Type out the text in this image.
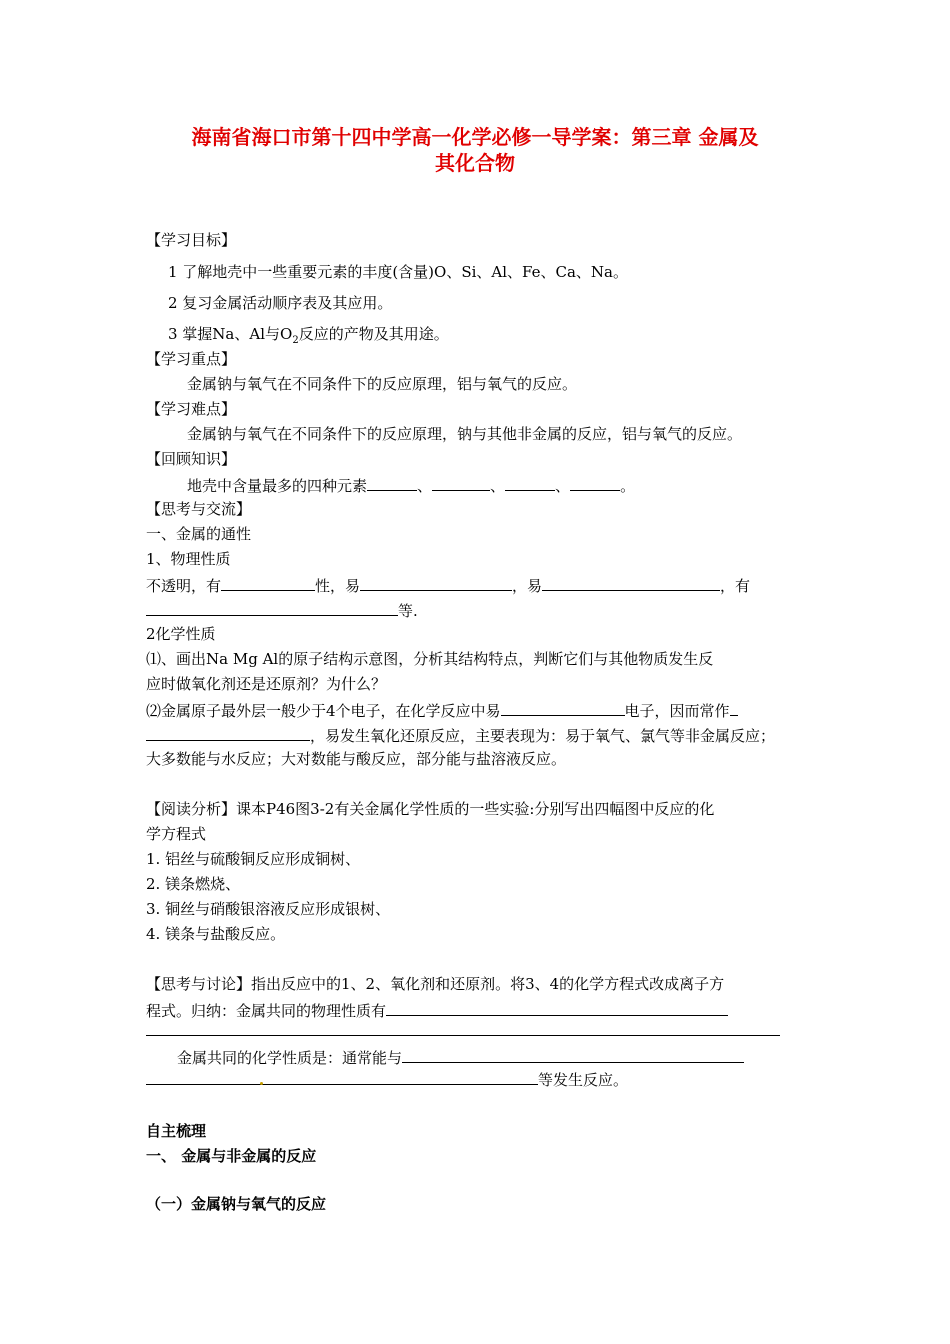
海南省海口市第十四中学高一化学必修一导学案：第三章 金属及
其化合物
【学习目标】
1 了解地壳中一些重要元素的丰度(含量)O、Si、Al、Fe、Ca、Na。
2 复习金属活动顺序表及其应用。
3 掌握Na、Al与$O_2$反应的产物及其用途。
【学习重点】
金属钠与氧气在不同条件下的反应原理，铝与氧气的反应。
【学习难点】
金属钠与氧气在不同条件下的反应原理，钠与其他非金属的反应，铝与氧气的反应。
【回顾知识】
地壳中含量最多的四种元素	、	、	、	。
【思考与交流】
一、金属的通性
1、物理性质
不透明，有	性，易	，易	，有
等.
2化学性质
⑴、画出Na Mg Al的原子结构示意图，分析其结构特点，判断它们与其他物质发生反
应时做氧化剂还是还原剂？为什么？
⑵金属原子最外层一般少于4个电子，在化学反应中易	电子，因而常作
，易发生氧化还原反应，主要表现为：易于氧气、氯气等非金属反应；
大多数能与水反应；大对数能与酸反应，部分能与盐溶液反应。
【阅读分析】课本P46图3-2有关金属化学性质的一些实验:分别写出四幅图中反应的化
学方程式
1. 铝丝与硫酸铜反应形成铜树、
2. 镁条燃烧、
3. 铜丝与硝酸银溶液反应形成银树、
4. 镁条与盐酸反应。
【思考与讨论】指出反应中的1、2、氧化剂和还原剂。将3、4的化学方程式改成离子方
程式。归纳：金属共同的物理性质有
金属共同的化学性质是：通常能与
等发生反应。
自主梳理
一、 金属与非金属的反应
（一）金属钠与氧气的反应
